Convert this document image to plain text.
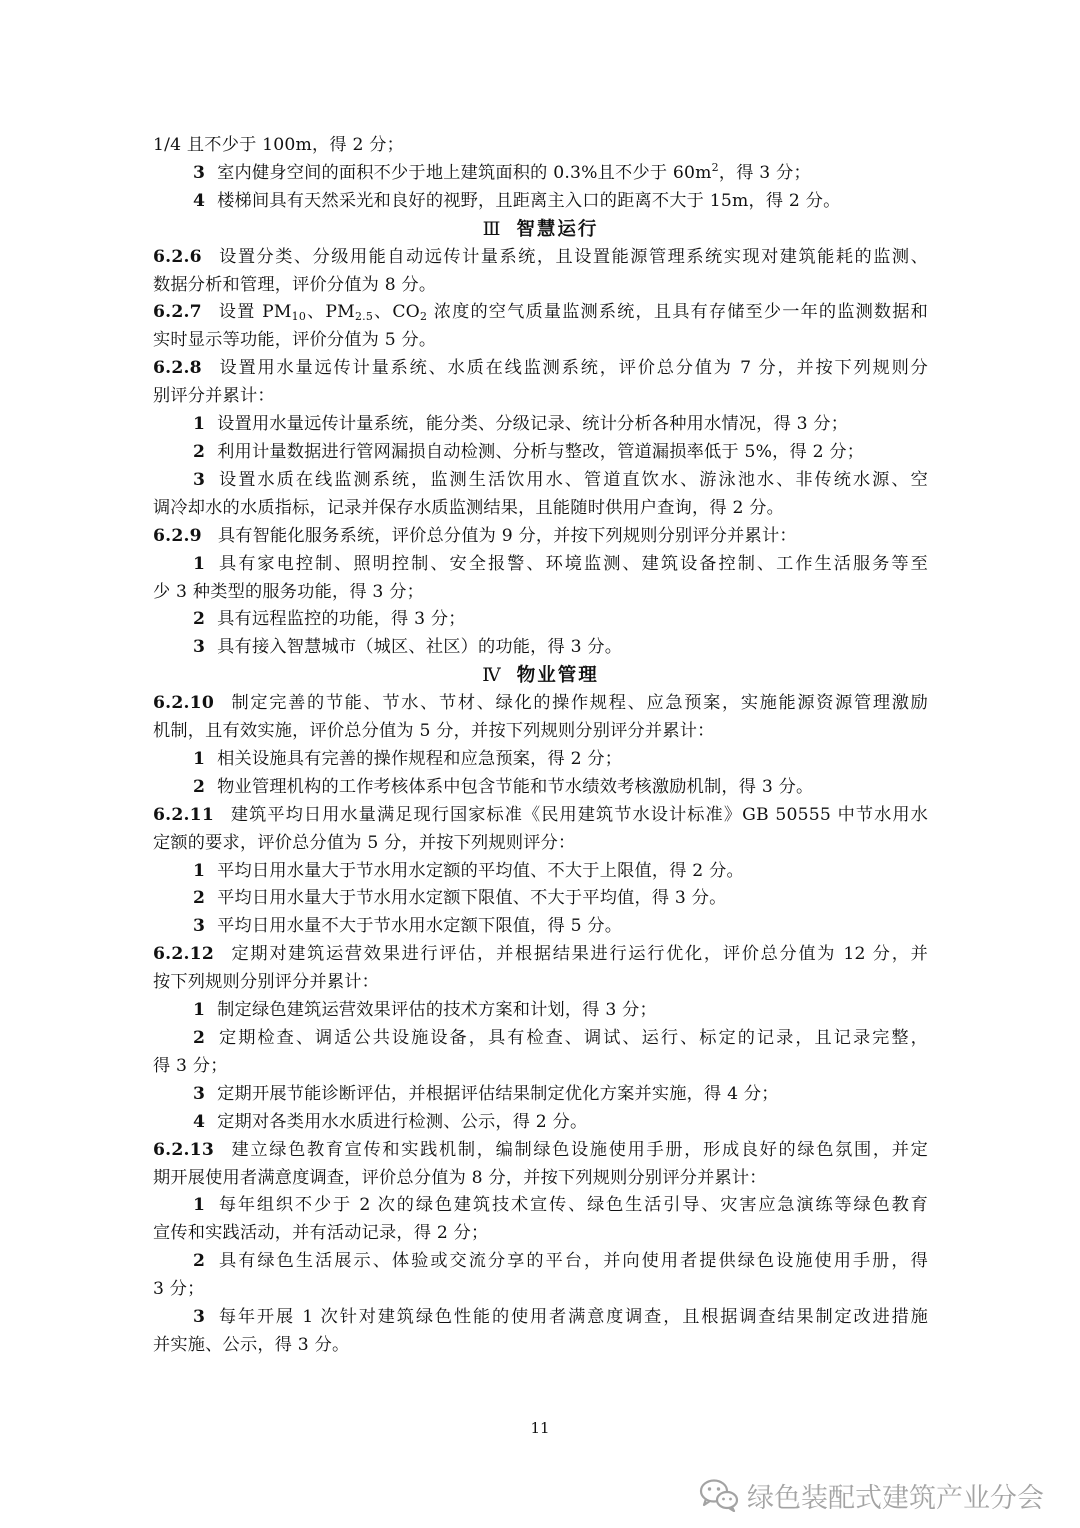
1/4 且不少于 100m，得 2 分；
3 室内健身空间的面积不少于地上建筑面积的 0.3%且不少于 $60m^2$，得 3 分；
4 楼梯间具有天然采光和良好的视野，且距离主入口的距离不大于 15m，得 2 分。
Ⅲ 智慧运行
6.2.6 设置分类、分级用能自动远传计量系统，且设置能源管理系统实现对建筑能耗的监测、
数据分析和管理，评价分值为 8 分。
6.2.7 设置 $PM_{10}$、$PM_{2.5}$、$CO_2$ 浓度的空气质量监测系统，且具有存储至少一年的监测数据和
实时显示等功能，评价分值为 5 分。
6.2.8 设置用水量远传计量系统、水质在线监测系统，评价总分值为 7 分，并按下列规则分
别评分并累计：
1 设置用水量远传计量系统，能分类、分级记录、统计分析各种用水情况，得 3 分；
2 利用计量数据进行管网漏损自动检测、分析与整改，管道漏损率低于 5%，得 2 分；
3 设置水质在线监测系统，监测生活饮用水、管道直饮水、游泳池水、非传统水源、空
调冷却水的水质指标，记录并保存水质监测结果，且能随时供用户查询，得 2 分。
6.2.9 具有智能化服务系统，评价总分值为 9 分，并按下列规则分别评分并累计：
1 具有家电控制、照明控制、安全报警、环境监测、建筑设备控制、工作生活服务等至
少 3 种类型的服务功能，得 3 分；
2 具有远程监控的功能，得 3 分；
3 具有接入智慧城市（城区、社区）的功能，得 3 分。
Ⅳ 物业管理
6.2.10 制定完善的节能、节水、节材、绿化的操作规程、应急预案，实施能源资源管理激励
机制，且有效实施，评价总分值为 5 分，并按下列规则分别评分并累计：
1 相关设施具有完善的操作规程和应急预案，得 2 分；
2 物业管理机构的工作考核体系中包含节能和节水绩效考核激励机制，得 3 分。
6.2.11 建筑平均日用水量满足现行国家标准《民用建筑节水设计标准》GB 50555 中节水用水
定额的要求，评价总分值为 5 分，并按下列规则评分：
1 平均日用水量大于节水用水定额的平均值、不大于上限值，得 2 分。
2 平均日用水量大于节水用水定额下限值、不大于平均值，得 3 分。
3 平均日用水量不大于节水用水定额下限值，得 5 分。
6.2.12 定期对建筑运营效果进行评估，并根据结果进行运行优化，评价总分值为 12 分，并
按下列规则分别评分并累计：
1 制定绿色建筑运营效果评估的技术方案和计划，得 3 分；
2 定期检查、调适公共设施设备，具有检查、调试、运行、标定的记录，且记录完整，
得 3 分；
3 定期开展节能诊断评估，并根据评估结果制定优化方案并实施，得 4 分；
4 定期对各类用水水质进行检测、公示，得 2 分。
6.2.13 建立绿色教育宣传和实践机制，编制绿色设施使用手册，形成良好的绿色氛围，并定
期开展使用者满意度调查，评价总分值为 8 分，并按下列规则分别评分并累计：
1 每年组织不少于 2 次的绿色建筑技术宣传、绿色生活引导、灾害应急演练等绿色教育
宣传和实践活动，并有活动记录，得 2 分；
2 具有绿色生活展示、体验或交流分享的平台，并向使用者提供绿色设施使用手册，得
3 分；
3 每年开展 1 次针对建筑绿色性能的使用者满意度调查，且根据调查结果制定改进措施
并实施、公示，得 3 分。
11
绿色装配式建筑产业分会
